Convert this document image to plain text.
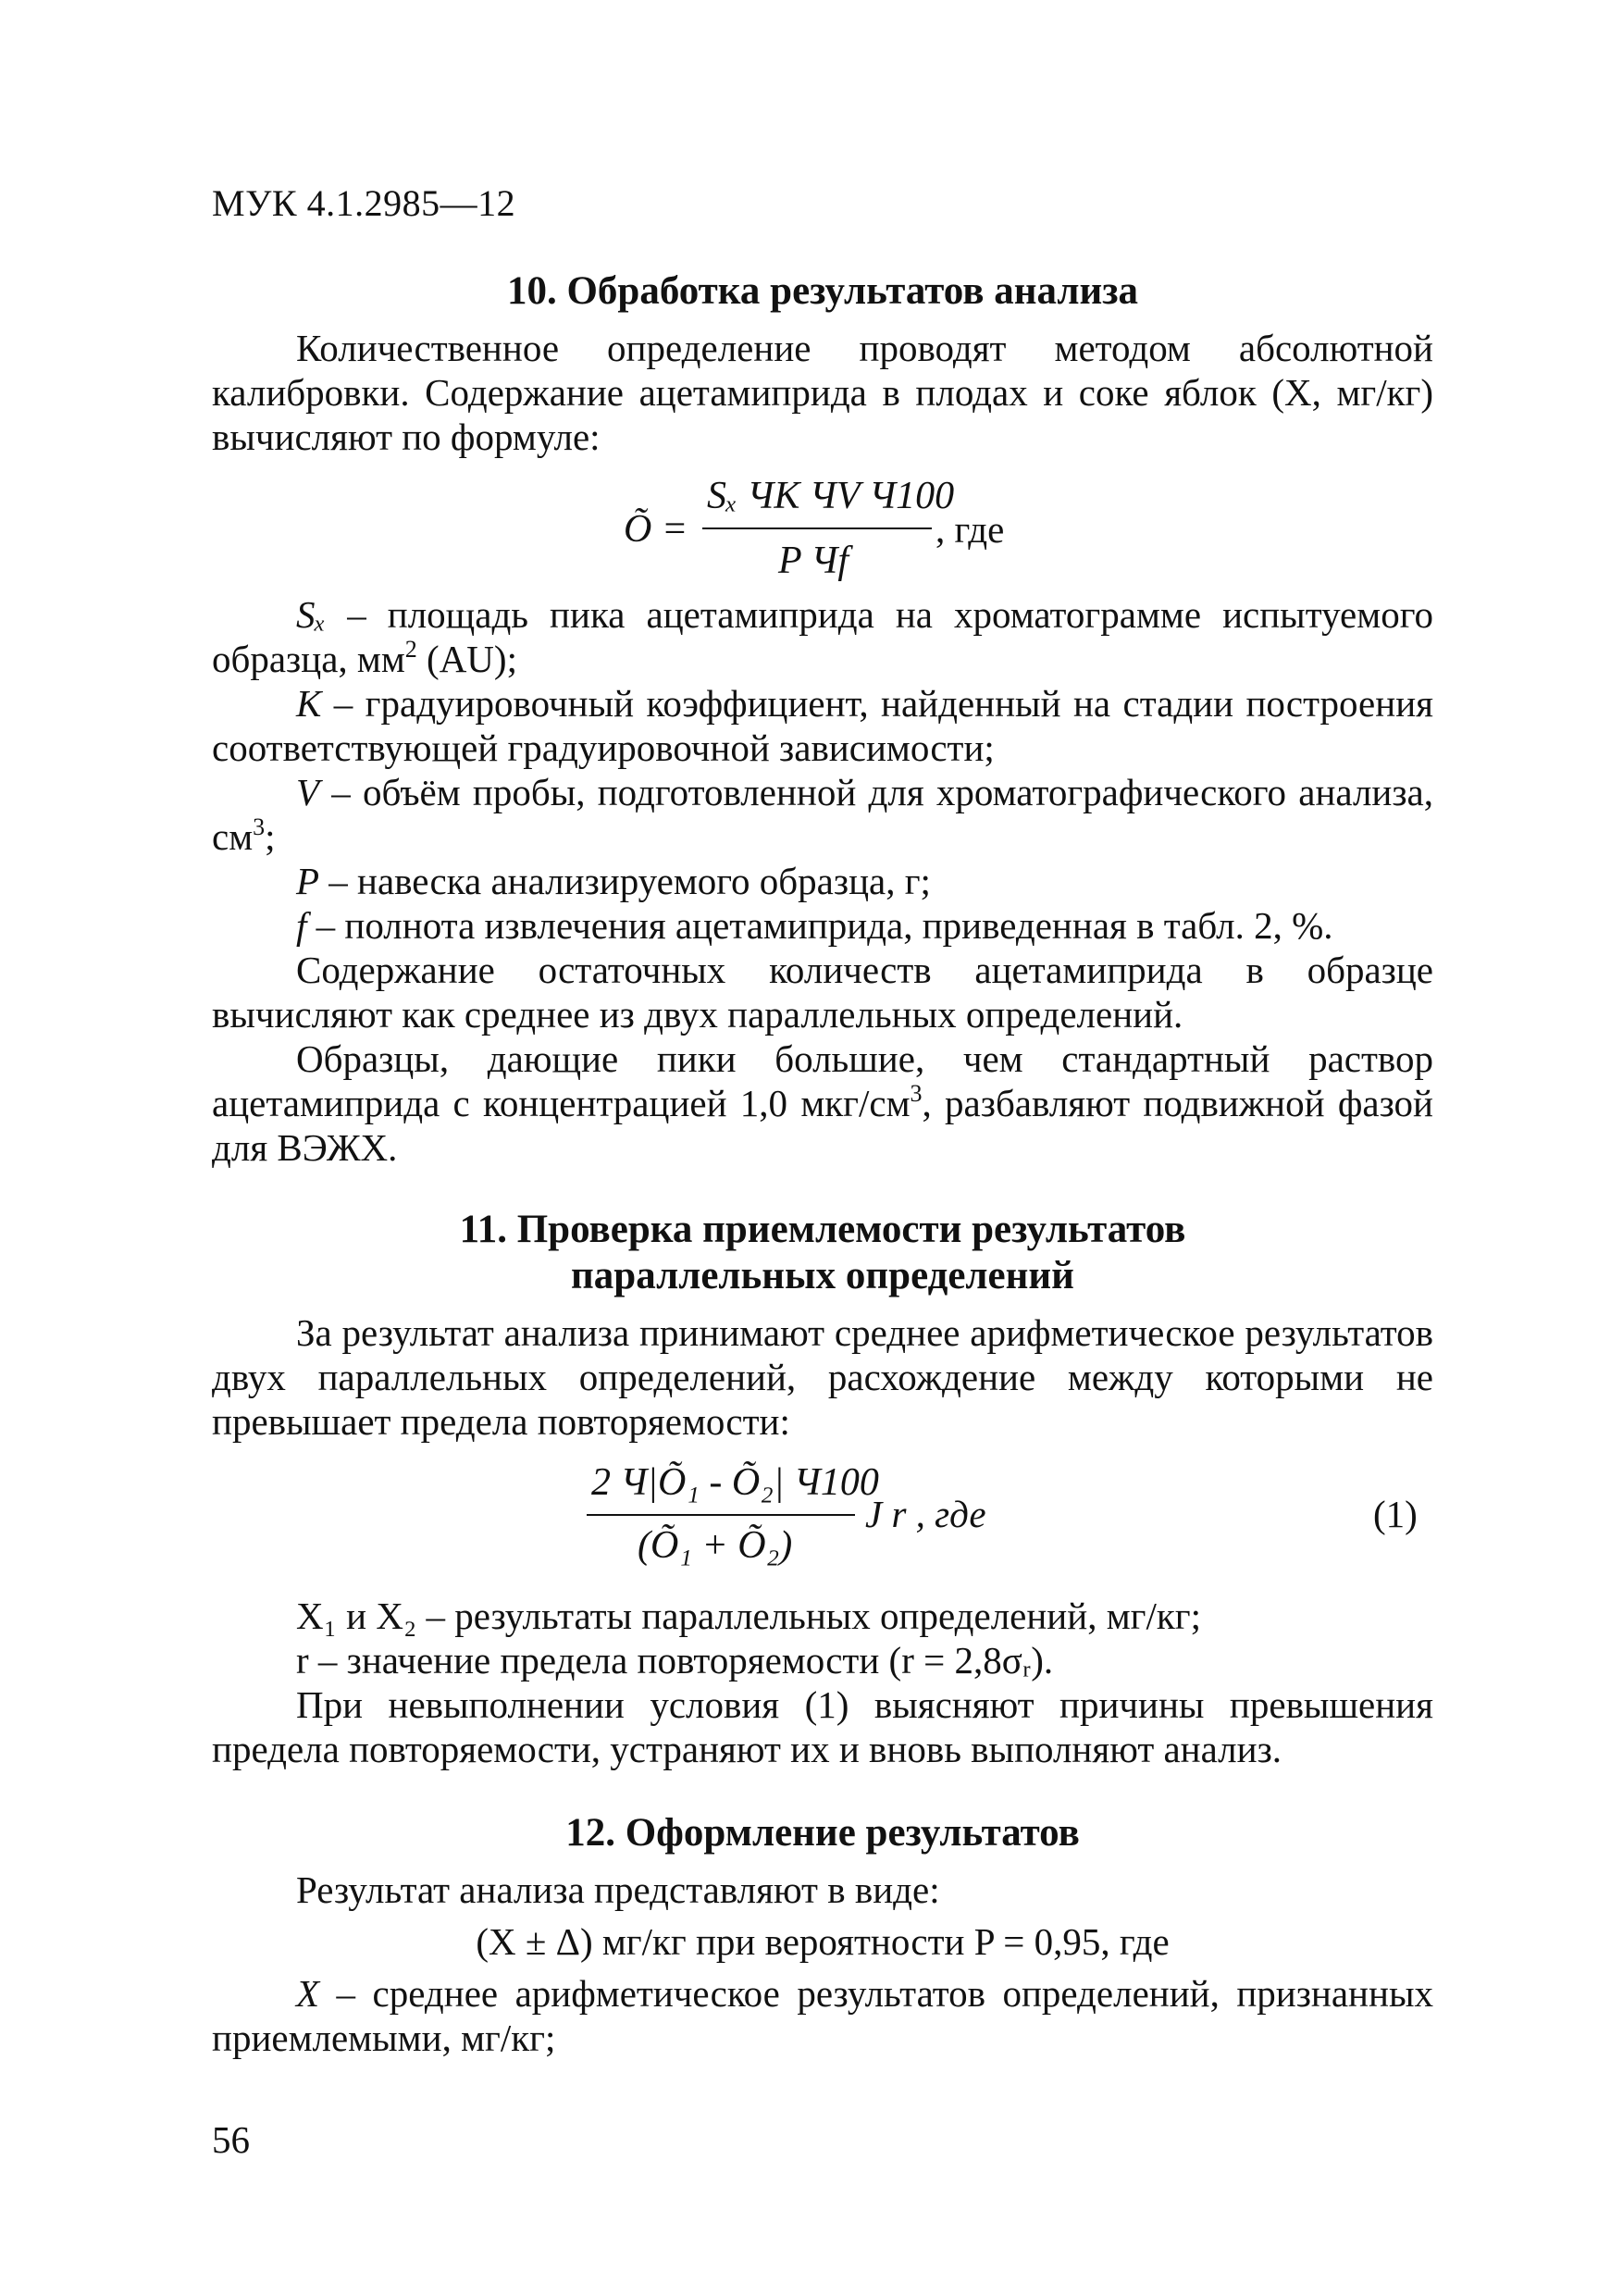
МУК 4.1.2985—12

10. Обработка результатов анализа

Количественное определение проводят методом абсолютной калибровки. Содержание ацетамиприда в плодах и соке яблок (X, мг/кг) вычисляют по формуле:

Õ =
Sₓ ЧK ЧV Ч100
P Чf
, где

Sₓ – площадь пика ацетамиприда на хроматограмме испытуемого образца, $мм^2$ (AU);

K – градуировочный коэффициент, найденный на стадии построения соответствующей градуировочной зависимости;

V – объём пробы, подготовленной для хроматографического анализа, $см^3$;

P – навеска анализируемого образца, г;

f – полнота извлечения ацетамиприда, приведенная в табл. 2, %.

Содержание остаточных количеств ацетамиприда в образце вычисляют как среднее из двух параллельных определений.

Образцы, дающие пики большие, чем стандартный раствор ацетамиприда с концентрацией 1,0 мкг/$см^3$, разбавляют подвижной фазой для ВЭЖХ.

11. Проверка приемлемости результатов
параллельных определений

За результат анализа принимают среднее арифметическое результатов двух параллельных определений, расхождение между которыми не превышает предела повторяемости:

2 Ч|Õ₁ - Õ₂| Ч100
(Õ₁ + Õ₂)
J r , где	(1)

X₁ и X₂ – результаты параллельных определений, мг/кг;

r – значение предела повторяемости (r = 2,8σᵣ).

При невыполнении условия (1) выясняют причины превышения предела повторяемости, устраняют их и вновь выполняют анализ.

12. Оформление результатов

Результат анализа представляют в виде:

(X ± Δ) мг/кг при вероятности P = 0,95, где

X – среднее арифметическое результатов определений, признанных приемлемыми, мг/кг;

56
